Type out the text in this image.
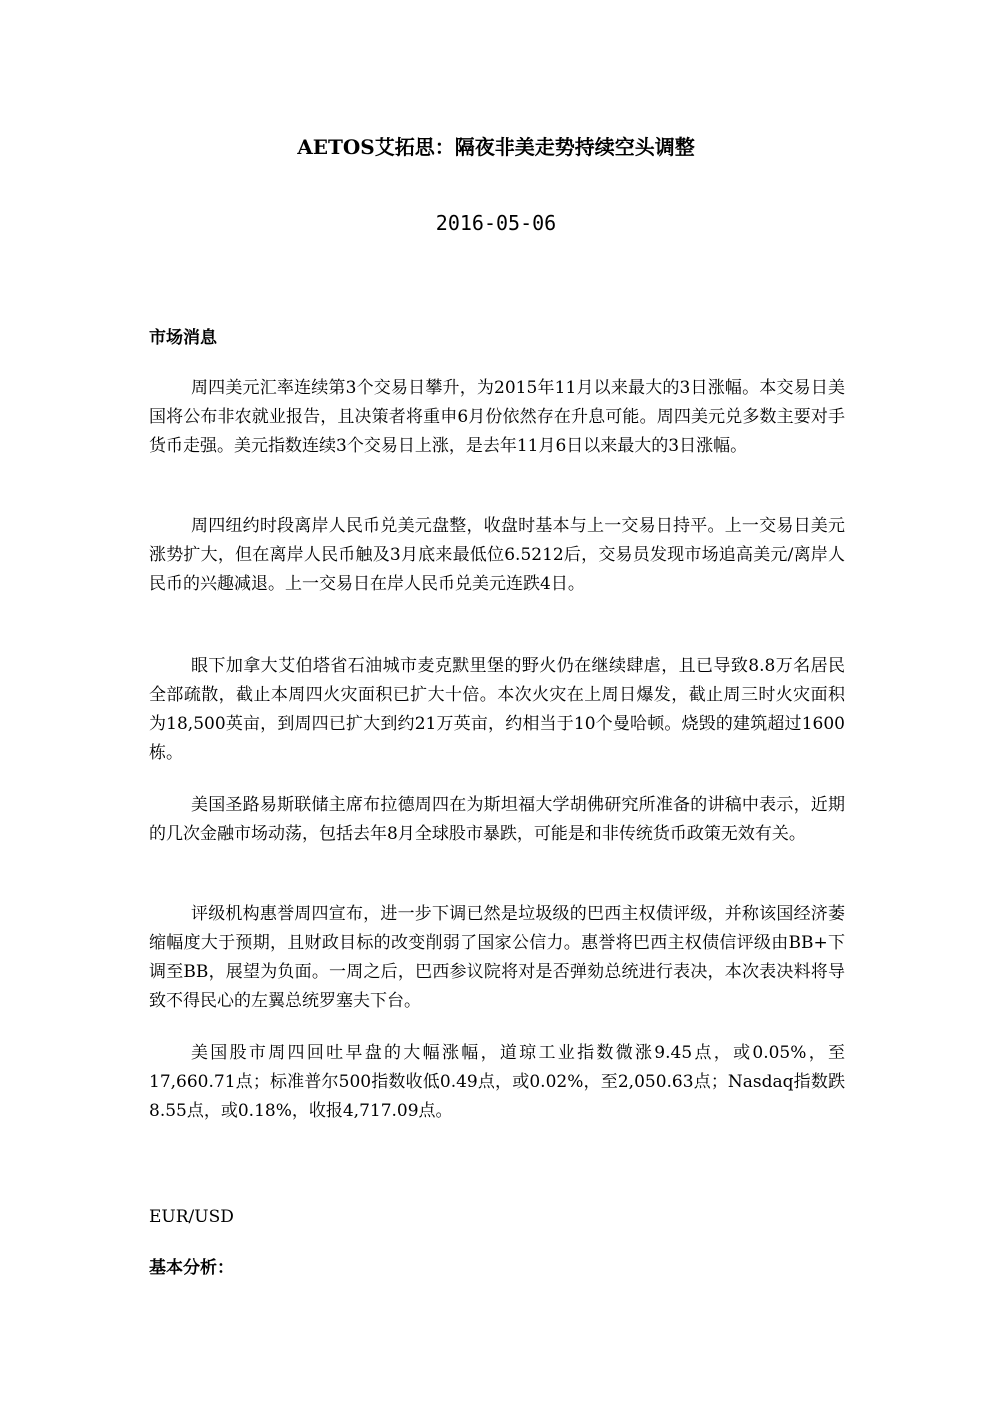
AETOS艾拓思：隔夜非美走势持续空头调整
2016-05-06
市场消息

周四美元汇率连续第3个交易日攀升，为2015年11月以来最大的3日涨幅。本交易日美国将公布非农就业报告，且决策者将重申6月份依然存在升息可能。周四美元兑多数主要对手货币走强。美元指数连续3个交易日上涨，是去年11月6日以来最大的3日涨幅。

周四纽约时段离岸人民币兑美元盘整，收盘时基本与上一交易日持平。上一交易日美元涨势扩大，但在离岸人民币触及3月底来最低位6.5212后，交易员发现市场追高美元/离岸人民币的兴趣减退。上一交易日在岸人民币兑美元连跌4日。

眼下加拿大艾伯塔省石油城市麦克默里堡的野火仍在继续肆虐，且已导致8.8万名居民全部疏散，截止本周四火灾面积已扩大十倍。本次火灾在上周日爆发，截止周三时火灾面积为18,500英亩，到周四已扩大到约21万英亩，约相当于10个曼哈顿。烧毁的建筑超过1600栋。

美国圣路易斯联储主席布拉德周四在为斯坦福大学胡佛研究所准备的讲稿中表示，近期的几次金融市场动荡，包括去年8月全球股市暴跌，可能是和非传统货币政策无效有关。

评级机构惠誉周四宣布，进一步下调已然是垃圾级的巴西主权债评级，并称该国经济萎缩幅度大于预期，且财政目标的改变削弱了国家公信力。惠誉将巴西主权债信评级由BB+下调至BB，展望为负面。一周之后，巴西参议院将对是否弹劾总统进行表决，本次表决料将导致不得民心的左翼总统罗塞夫下台。

美国股市周四回吐早盘的大幅涨幅，道琼工业指数微涨9.45点，或0.05%，至17,660.71点；标准普尔500指数收低0.49点，或0.02%，至2,050.63点；Nasdaq指数跌8.55点，或0.18%，收报4,717.09点。

EUR/USD
基本分析：
